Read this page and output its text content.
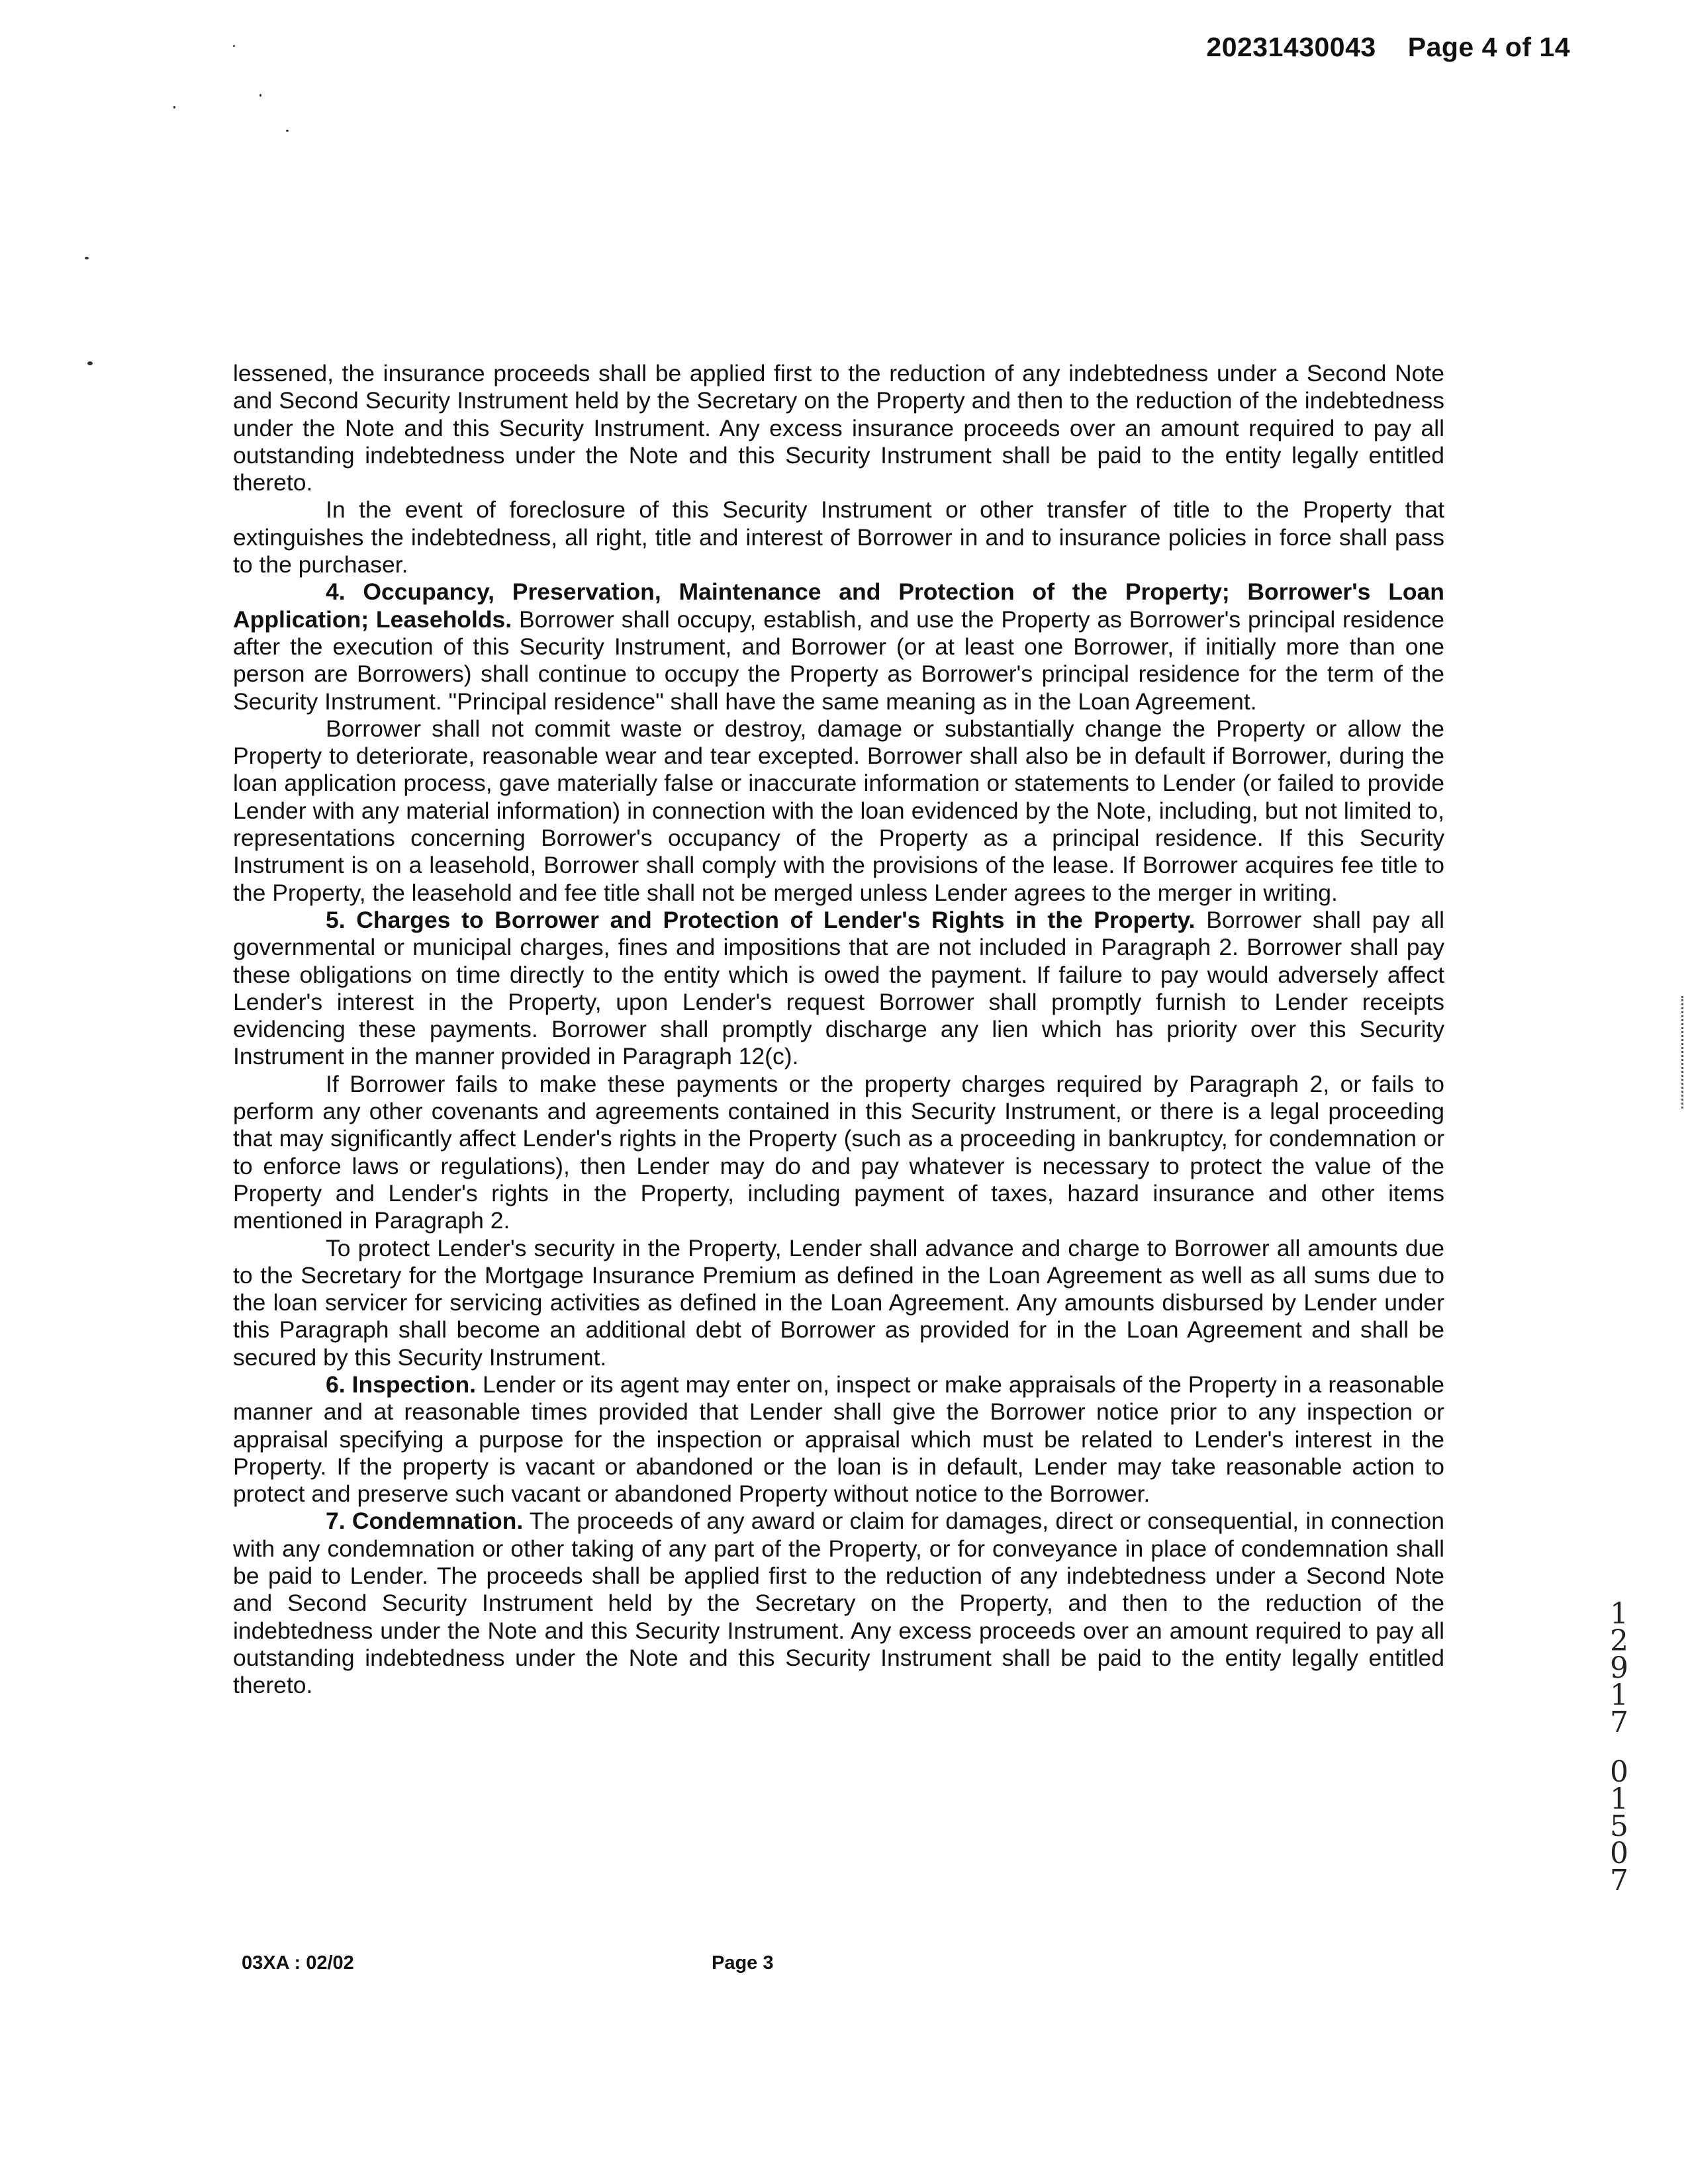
20231430043 Page 4 of 14

lessened, the insurance proceeds shall be applied first to the reduction of any indebtedness under a Second Note and Second Security Instrument held by the Secretary on the Property and then to the reduction of the indebtedness under the Note and this Security Instrument. Any excess insurance proceeds over an amount required to pay all outstanding indebtedness under the Note and this Security Instrument shall be paid to the entity legally entitled thereto.

In the event of foreclosure of this Security Instrument or other transfer of title to the Property that extinguishes the indebtedness, all right, title and interest of Borrower in and to insurance policies in force shall pass to the purchaser.

4. Occupancy, Preservation, Maintenance and Protection of the Property; Borrower's Loan Application; Leaseholds. Borrower shall occupy, establish, and use the Property as Borrower's principal residence after the execution of this Security Instrument, and Borrower (or at least one Borrower, if initially more than one person are Borrowers) shall continue to occupy the Property as Borrower's principal residence for the term of the Security Instrument. "Principal residence" shall have the same meaning as in the Loan Agreement.

Borrower shall not commit waste or destroy, damage or substantially change the Property or allow the Property to deteriorate, reasonable wear and tear excepted. Borrower shall also be in default if Borrower, during the loan application process, gave materially false or inaccurate information or statements to Lender (or failed to provide Lender with any material information) in connection with the loan evidenced by the Note, including, but not limited to, representations concerning Borrower's occupancy of the Property as a principal residence. If this Security Instrument is on a leasehold, Borrower shall comply with the provisions of the lease. If Borrower acquires fee title to the Property, the leasehold and fee title shall not be merged unless Lender agrees to the merger in writing.

5. Charges to Borrower and Protection of Lender's Rights in the Property. Borrower shall pay all governmental or municipal charges, fines and impositions that are not included in Paragraph 2. Borrower shall pay these obligations on time directly to the entity which is owed the payment. If failure to pay would adversely affect Lender's interest in the Property, upon Lender's request Borrower shall promptly furnish to Lender receipts evidencing these payments. Borrower shall promptly discharge any lien which has priority over this Security Instrument in the manner provided in Paragraph 12(c).

If Borrower fails to make these payments or the property charges required by Paragraph 2, or fails to perform any other covenants and agreements contained in this Security Instrument, or there is a legal proceeding that may significantly affect Lender's rights in the Property (such as a proceeding in bankruptcy, for condemnation or to enforce laws or regulations), then Lender may do and pay whatever is necessary to protect the value of the Property and Lender's rights in the Property, including payment of taxes, hazard insurance and other items mentioned in Paragraph 2.

To protect Lender's security in the Property, Lender shall advance and charge to Borrower all amounts due to the Secretary for the Mortgage Insurance Premium as defined in the Loan Agreement as well as all sums due to the loan servicer for servicing activities as defined in the Loan Agreement. Any amounts disbursed by Lender under this Paragraph shall become an additional debt of Borrower as provided for in the Loan Agreement and shall be secured by this Security Instrument.

6. Inspection. Lender or its agent may enter on, inspect or make appraisals of the Property in a reasonable manner and at reasonable times provided that Lender shall give the Borrower notice prior to any inspection or appraisal specifying a purpose for the inspection or appraisal which must be related to Lender's interest in the Property. If the property is vacant or abandoned or the loan is in default, Lender may take reasonable action to protect and preserve such vacant or abandoned Property without notice to the Borrower.

7. Condemnation. The proceeds of any award or claim for damages, direct or consequential, in connection with any condemnation or other taking of any part of the Property, or for conveyance in place of condemnation shall be paid to Lender. The proceeds shall be applied first to the reduction of any indebtedness under a Second Note and Second Security Instrument held by the Secretary on the Property, and then to the reduction of the indebtedness under the Note and this Security Instrument. Any excess proceeds over an amount required to pay all outstanding indebtedness under the Note and this Security Instrument shall be paid to the entity legally entitled thereto.

03XA : 02/02	Page 3
1
2
9
1
7
0
1
5
0
7
